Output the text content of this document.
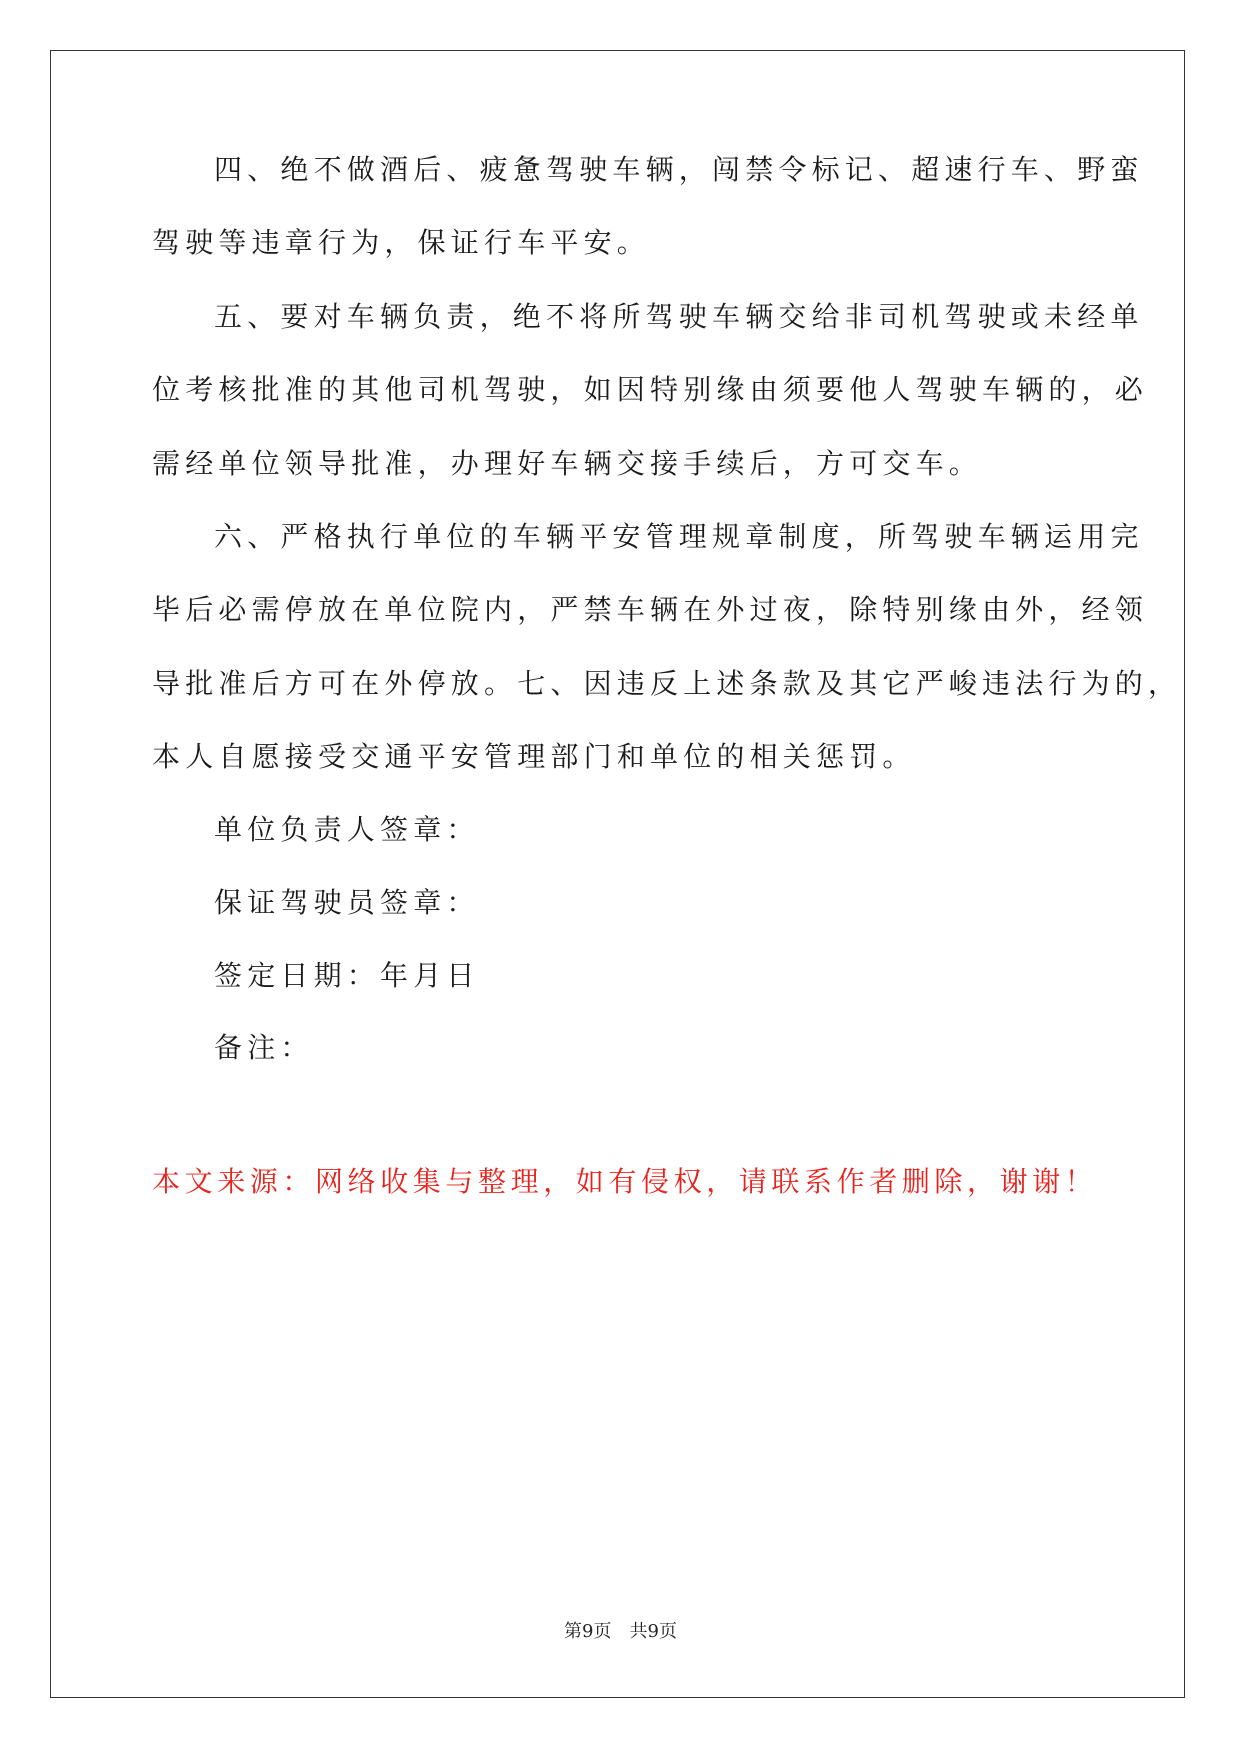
四、绝不做酒后、疲惫驾驶车辆，闯禁令标记、超速行车、野蛮
驾驶等违章行为，保证行车平安。
五、要对车辆负责，绝不将所驾驶车辆交给非司机驾驶或未经单
位考核批准的其他司机驾驶，如因特别缘由须要他人驾驶车辆的，必
需经单位领导批准，办理好车辆交接手续后，方可交车。
六、严格执行单位的车辆平安管理规章制度，所驾驶车辆运用完
毕后必需停放在单位院内，严禁车辆在外过夜，除特别缘由外，经领
导批准后方可在外停放。七、因违反上述条款及其它严峻违法行为的，
本人自愿接受交通平安管理部门和单位的相关惩罚。
单位负责人签章：
保证驾驶员签章：
签定日期：年月日
备注：
本文来源：网络收集与整理，如有侵权，请联系作者删除，谢谢！
第9页 共9页
